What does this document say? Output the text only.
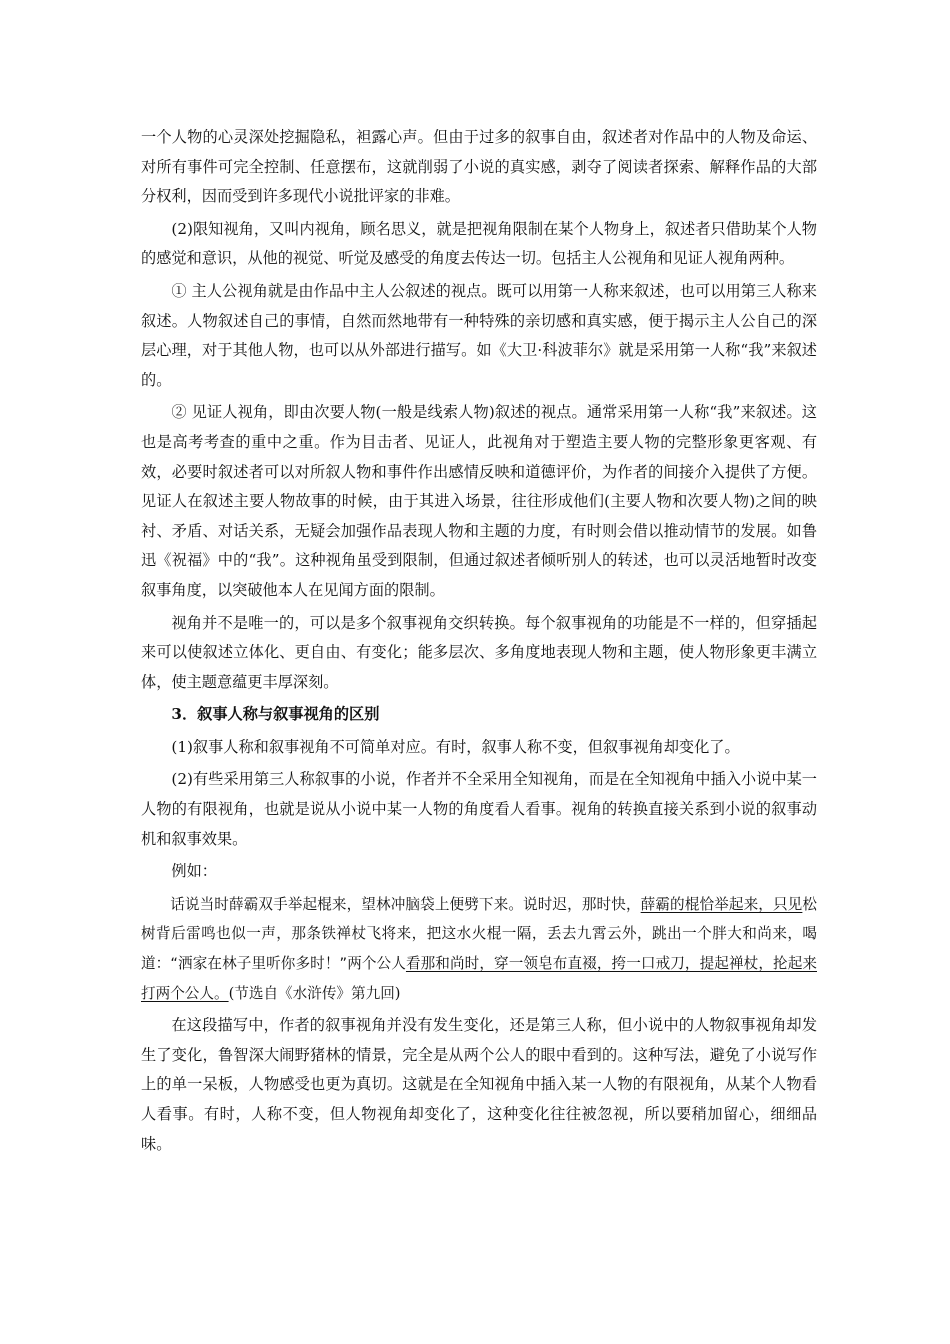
一个人物的心灵深处挖掘隐私，袒露心声。但由于过多的叙事自由，叙述者对作品中的人物及命运、对所有事件可完全控制、任意摆布，这就削弱了小说的真实感，剥夺了阅读者探索、解释作品的大部分权利，因而受到许多现代小说批评家的非难。

(2)限知视角，又叫内视角，顾名思义，就是把视角限制在某个人物身上，叙述者只借助某个人物的感觉和意识，从他的视觉、听觉及感受的角度去传达一切。包括主人公视角和见证人视角两种。

① 主人公视角就是由作品中主人公叙述的视点。既可以用第一人称来叙述，也可以用第三人称来叙述。人物叙述自己的事情，自然而然地带有一种特殊的亲切感和真实感，便于揭示主人公自己的深层心理，对于其他人物，也可以从外部进行描写。如《大卫·科波菲尔》就是采用第一人称“我”来叙述的。

② 见证人视角，即由次要人物(一般是线索人物)叙述的视点。通常采用第一人称“我”来叙述。这也是高考考查的重中之重。作为目击者、见证人，此视角对于塑造主要人物的完整形象更客观、有效，必要时叙述者可以对所叙人物和事件作出感情反映和道德评价，为作者的间接介入提供了方便。见证人在叙述主要人物故事的时候，由于其进入场景，往往形成他们(主要人物和次要人物)之间的映衬、矛盾、对话关系，无疑会加强作品表现人物和主题的力度，有时则会借以推动情节的发展。如鲁迅《祝福》中的“我”。这种视角虽受到限制，但通过叙述者倾听别人的转述，也可以灵活地暂时改变叙事角度，以突破他本人在见闻方面的限制。

视角并不是唯一的，可以是多个叙事视角交织转换。每个叙事视角的功能是不一样的，但穿插起来可以使叙述立体化、更自由、有变化；能多层次、多角度地表现人物和主题，使人物形象更丰满立体，使主题意蕴更丰厚深刻。

3．叙事人称与叙事视角的区别

(1)叙事人称和叙事视角不可简单对应。有时，叙事人称不变，但叙事视角却变化了。

(2)有些采用第三人称叙事的小说，作者并不全采用全知视角，而是在全知视角中插入小说中某一人物的有限视角，也就是说从小说中某一人物的角度看人看事。视角的转换直接关系到小说的叙事动机和叙事效果。

例如：

话说当时薛霸双手举起棍来，望林冲脑袋上便劈下来。说时迟，那时快，薛霸的棍恰举起来，只见松树背后雷鸣也似一声，那条铁禅杖飞将来，把这水火棍一隔，丢去九霄云外，跳出一个胖大和尚来，喝道：“洒家在林子里听你多时！”两个公人看那和尚时，穿一领皂布直裰，挎一口戒刀，提起禅杖，抡起来打两个公人。(节选自《水浒传》第九回)

在这段描写中，作者的叙事视角并没有发生变化，还是第三人称，但小说中的人物叙事视角却发生了变化，鲁智深大闹野猪林的情景，完全是从两个公人的眼中看到的。这种写法，避免了小说写作上的单一呆板，人物感受也更为真切。这就是在全知视角中插入某一人物的有限视角，从某个人物看人看事。有时，人称不变，但人物视角却变化了，这种变化往往被忽视，所以要稍加留心，细细品味。
